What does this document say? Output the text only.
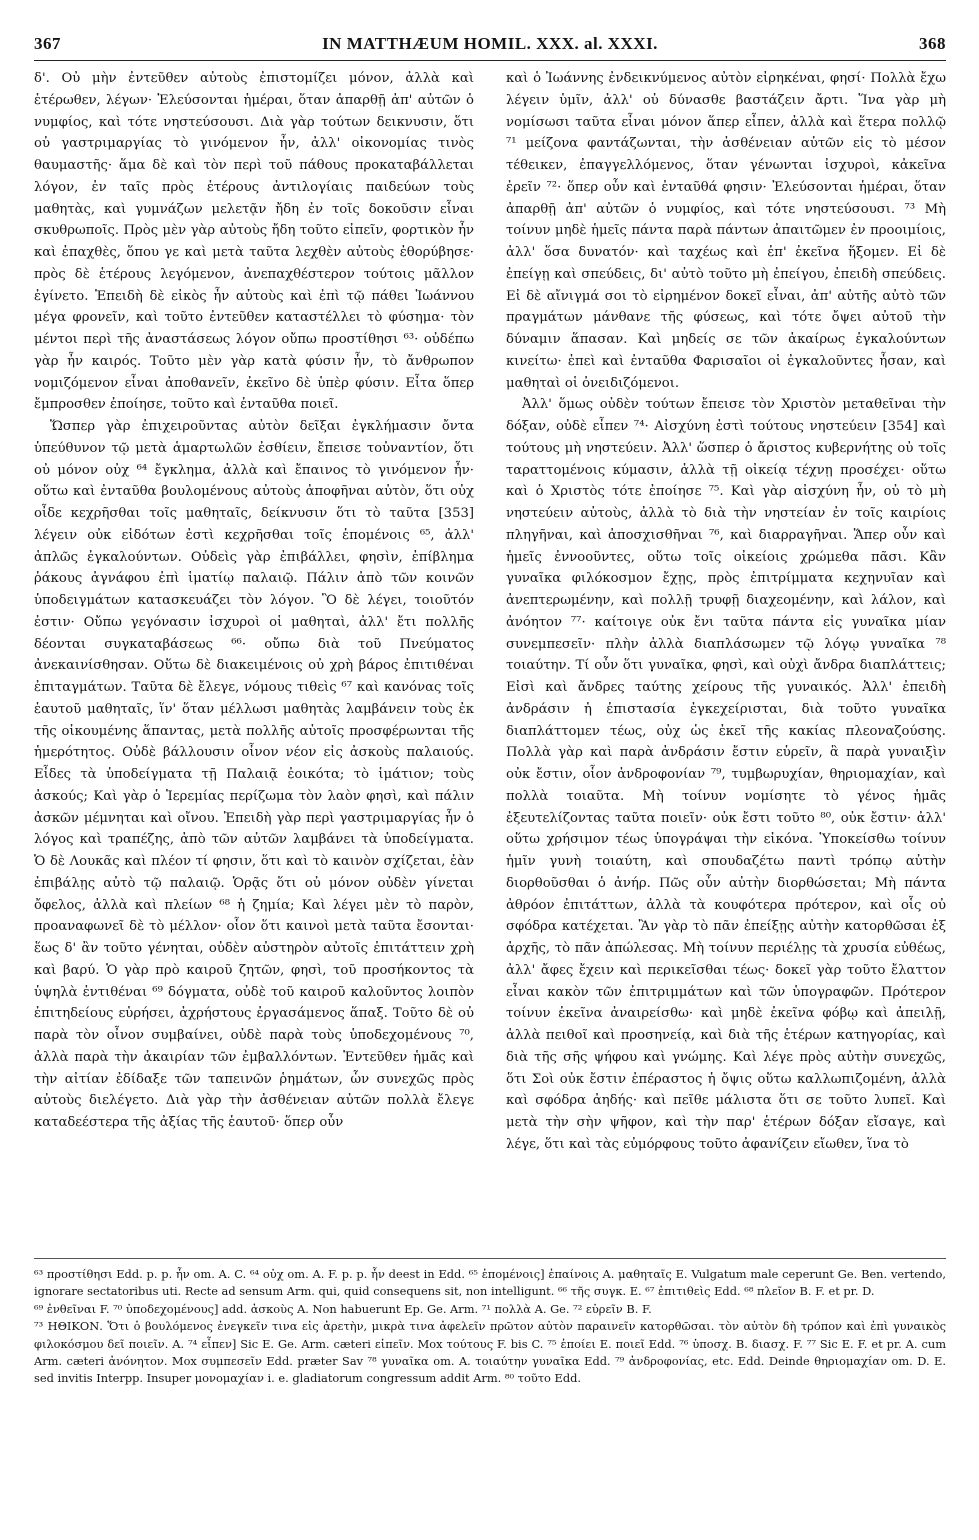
367	IN MATTHÆUM HOMIL. XXX. al. XXXI.	368

δ'. Οὐ μὴν ἐντεῦθεν αὐτοὺς ἐπιστομίζει μόνον, ἀλλὰ καὶ ἑτέρωθεν, λέγων· Ἐλεύσονται ἡμέραι, ὅταν ἀπαρθῇ ἀπ' αὐτῶν ὁ νυμφίος, καὶ τότε νηστεύσουσι. Διὰ γὰρ τούτων δεικνυσιν, ὅτι οὐ γαστριμαργίας τὸ γινόμενον ἦν, ἀλλ' οἰκονομίας τινὸς θαυμαστῆς· ἅμα δὲ καὶ τὸν περὶ τοῦ πάθους προκαταβάλλεται λόγον, ἐν ταῖς πρὸς ἑτέρους ἀντιλογίαις παιδεύων τοὺς μαθητὰς, καὶ γυμνάζων μελετᾷν ἤδη ἐν τοῖς δοκοῦσιν εἶναι σκυθρωποῖς. Πρὸς μὲν γὰρ αὐτοὺς ἤδη τοῦτο εἰπεῖν, φορτικὸν ἦν καὶ ἐπαχθὲς, ὅπου γε καὶ μετὰ ταῦτα λεχθὲν αὐτοὺς ἐθορύβησε· πρὸς δὲ ἑτέρους λεγόμενον, ἀνεπαχθέστερον τούτοις μᾶλλον ἐγίνετο. Ἐπειδὴ δὲ εἰκὸς ἦν αὐτοὺς καὶ ἐπὶ τῷ πάθει Ἰωάννου μέγα φρονεῖν, καὶ τοῦτο ἐντεῦθεν καταστέλλει τὸ φύσημα· τὸν μέντοι περὶ τῆς ἀναστάσεως λόγον οὔπω προστίθησι ⁶³· οὐδέπω γὰρ ἦν καιρός. Τοῦτο μὲν γὰρ κατὰ φύσιν ἦν, τὸ ἄνθρωπον νομιζόμενον εἶναι ἀποθανεῖν, ἐκεῖνο δὲ ὑπὲρ φύσιν. Εἶτα ὅπερ ἔμπροσθεν ἐποίησε, τοῦτο καὶ ἐνταῦθα ποιεῖ.

Ὥσπερ γὰρ ἐπιχειροῦντας αὐτὸν δεῖξαι ἐγκλήμασιν ὄντα ὑπεύθυνον τῷ μετὰ ἁμαρτωλῶν ἐσθίειν, ἔπεισε τοὐναντίον, ὅτι οὐ μόνον οὐχ ⁶⁴ ἔγκλημα, ἀλλὰ καὶ ἔπαινος τὸ γινόμενον ἦν· οὕτω καὶ ἐνταῦθα βουλομένους αὐτοὺς ἀποφῆναι αὐτὸν, ὅτι οὐχ οἶδε κεχρῆσθαι τοῖς μαθηταῖς, δείκνυσιν ὅτι τὸ ταῦτα [353] λέγειν οὐκ εἰδότων ἐστὶ κεχρῆσθαι τοῖς ἑπομένοις ⁶⁵, ἀλλ' ἁπλῶς ἐγκαλούντων. Οὐδεὶς γὰρ ἐπιβάλλει, φησὶν, ἐπίβλημα ῥάκους ἀγνάφου ἐπὶ ἱματίῳ παλαιῷ. Πάλιν ἀπὸ τῶν κοινῶν ὑποδειγμάτων κατασκευάζει τὸν λόγον. Ὃ δὲ λέγει, τοιοῦτόν ἐστιν· Οὔπω γεγόνασιν ἰσχυροὶ οἱ μαθηταὶ, ἀλλ' ἔτι πολλῆς δέονται συγκαταβάσεως ⁶⁶· οὔπω διὰ τοῦ Πνεύματος ἀνεκαινίσθησαν. Οὕτω δὲ διακειμένοις οὐ χρὴ βάρος ἐπιτιθέναι ἐπιταγμάτων. Ταῦτα δὲ ἔλεγε, νόμους τιθεὶς ⁶⁷ καὶ κανόνας τοῖς ἑαυτοῦ μαθηταῖς, ἵν' ὅταν μέλλωσι μαθητὰς λαμβάνειν τοὺς ἐκ τῆς οἰκουμένης ἅπαντας, μετὰ πολλῆς αὐτοῖς προσφέρωνται τῆς ἡμερότητος. Οὐδὲ βάλλουσιν οἶνον νέον εἰς ἀσκοὺς παλαιούς. Εἶδες τὰ ὑποδείγματα τῇ Παλαιᾷ ἐοικότα; τὸ ἱμάτιον; τοὺς ἀσκούς; Καὶ γὰρ ὁ Ἱερεμίας περίζωμα τὸν λαὸν φησὶ, καὶ πάλιν ἀσκῶν μέμνηται καὶ οἴνου. Ἐπειδὴ γὰρ περὶ γαστριμαργίας ἦν ὁ λόγος καὶ τραπέζης, ἀπὸ τῶν αὐτῶν λαμβάνει τὰ ὑποδείγματα. Ὁ δὲ Λουκᾶς καὶ πλέον τί φησιν, ὅτι καὶ τὸ καινὸν σχίζεται, ἐὰν ἐπιβάλῃς αὐτὸ τῷ παλαιῷ. Ὁρᾷς ὅτι οὐ μόνον οὐδὲν γίνεται ὄφελος, ἀλλὰ καὶ πλείων ⁶⁸ ἡ ζημία; Καὶ λέγει μὲν τὸ παρὸν, προαναφωνεῖ δὲ τὸ μέλλον· οἷον ὅτι καινοὶ μετὰ ταῦτα ἔσονται· ἕως δ' ἂν τοῦτο γένηται, οὐδὲν αὐστηρὸν αὐτοῖς ἐπιτάττειν χρὴ καὶ βαρύ. Ὁ γὰρ πρὸ καιροῦ ζητῶν, φησὶ, τοῦ προσήκοντος τὰ ὑψηλὰ ἐντιθέναι ⁶⁹ δόγματα, οὐδὲ τοῦ καιροῦ καλοῦντος λοιπὸν ἐπιτηδείους εὑρήσει, ἀχρήστους ἐργασάμενος ἅπαξ. Τοῦτο δὲ οὐ παρὰ τὸν οἶνον συμβαίνει, οὐδὲ παρὰ τοὺς ὑποδεχομένους ⁷⁰, ἀλλὰ παρὰ τὴν ἀκαιρίαν τῶν ἐμβαλλόντων. Ἐντεῦθεν ἡμᾶς καὶ τὴν αἰτίαν ἐδίδαξε τῶν ταπεινῶν ῥημάτων, ὧν συνεχῶς πρὸς αὐτοὺς διελέγετο. Διὰ γὰρ τὴν ἀσθένειαν αὐτῶν πολλὰ ἔλεγε καταδεέστερα τῆς ἀξίας τῆς ἑαυτοῦ· ὅπερ οὖν

καὶ ὁ Ἰωάννης ἐνδεικνύμενος αὐτὸν εἰρηκέναι, φησί· Πολλὰ ἔχω λέγειν ὑμῖν, ἀλλ' οὐ δύνασθε βαστάζειν ἄρτι. Ἵνα γὰρ μὴ νομίσωσι ταῦτα εἶναι μόνον ἅπερ εἶπεν, ἀλλὰ καὶ ἕτερα πολλῷ ⁷¹ μείζονα φαντάζωνται, τὴν ἀσθένειαν αὐτῶν εἰς τὸ μέσον τέθεικεν, ἐπαγγελλόμενος, ὅταν γένωνται ἰσχυροὶ, κἀκεῖνα ἐρεῖν ⁷²· ὅπερ οὖν καὶ ἐνταῦθά φησιν· Ἐλεύσονται ἡμέραι, ὅταν ἀπαρθῇ ἀπ' αὐτῶν ὁ νυμφίος, καὶ τότε νηστεύσουσι. ⁷³ Μὴ τοίνυν μηδὲ ἡμεῖς πάντα παρὰ πάντων ἀπαιτῶμεν ἐν προοιμίοις, ἀλλ' ὅσα δυνατόν· καὶ ταχέως καὶ ἐπ' ἐκεῖνα ἥξομεν. Εἰ δὲ ἐπείγῃ καὶ σπεύδεις, δι' αὐτὸ τοῦτο μὴ ἐπείγου, ἐπειδὴ σπεύδεις. Εἰ δὲ αἴνιγμά σοι τὸ εἰρημένον δοκεῖ εἶναι, ἀπ' αὐτῆς αὐτὸ τῶν πραγμάτων μάνθανε τῆς φύσεως, καὶ τότε ὄψει αὐτοῦ τὴν δύναμιν ἅπασαν. Καὶ μηδείς σε τῶν ἀκαίρως ἐγκαλούντων κινείτω· ἐπεὶ καὶ ἐνταῦθα Φαρισαῖοι οἱ ἐγκαλοῦντες ἦσαν, καὶ μαθηταὶ οἱ ὀνειδιζόμενοι.

Ἀλλ' ὅμως οὐδὲν τούτων ἔπεισε τὸν Χριστὸν μεταθεῖναι τὴν δόξαν, οὐδὲ εἶπεν ⁷⁴· Αἰσχύνη ἐστὶ τούτους νηστεύειν [354] καὶ τούτους μὴ νηστεύειν. Ἀλλ' ὥσπερ ὁ ἄριστος κυβερνήτης οὐ τοῖς ταραττομένοις κύμασιν, ἀλλὰ τῇ οἰκείᾳ τέχνῃ προσέχει· οὕτω καὶ ὁ Χριστὸς τότε ἐποίησε ⁷⁵. Καὶ γὰρ αἰσχύνη ἦν, οὐ τὸ μὴ νηστεύειν αὐτοὺς, ἀλλὰ τὸ διὰ τὴν νηστείαν ἐν τοῖς καιρίοις πληγῆναι, καὶ ἀποσχισθῆναι ⁷⁶, καὶ διαρραγῆναι. Ἅπερ οὖν καὶ ἡμεῖς ἐννοοῦντες, οὕτω τοῖς οἰκείοις χρώμεθα πᾶσι. Κἂν γυναῖκα φιλόκοσμον ἔχῃς, πρὸς ἐπιτρίμματα κεχηνυῖαν καὶ ἀνεπτερωμένην, καὶ πολλῇ τρυφῇ διαχεομένην, καὶ λάλον, καὶ ἀνόητον ⁷⁷· καίτοιγε οὐκ ἔνι ταῦτα πάντα εἰς γυναῖκα μίαν συνεμπεσεῖν· πλὴν ἀλλὰ διαπλάσωμεν τῷ λόγῳ γυναῖκα ⁷⁸ τοιαύτην. Τί οὖν ὅτι γυναῖκα, φησὶ, καὶ οὐχὶ ἄνδρα διαπλάττεις; Εἰσὶ καὶ ἄνδρες ταύτης χείρους τῆς γυναικός. Ἀλλ' ἐπειδὴ ἀνδράσιν ἡ ἐπιστασία ἐγκεχείρισται, διὰ τοῦτο γυναῖκα διαπλάττομεν τέως, οὐχ ὡς ἐκεῖ τῆς κακίας πλεοναζούσης. Πολλὰ γὰρ καὶ παρὰ ἀνδράσιν ἔστιν εὑρεῖν, ἃ παρὰ γυναιξὶν οὐκ ἔστιν, οἷον ἀνδροφονίαν ⁷⁹, τυμβωρυχίαν, θηριομαχίαν, καὶ πολλὰ τοιαῦτα. Μὴ τοίνυν νομίσητε τὸ γένος ἡμᾶς ἐξευτελίζοντας ταῦτα ποιεῖν· οὐκ ἔστι τοῦτο ⁸⁰, οὐκ ἔστιν· ἀλλ' οὕτω χρήσιμον τέως ὑπογράψαι τὴν εἰκόνα. Ὑποκείσθω τοίνυν ἡμῖν γυνὴ τοιαύτη, καὶ σπουδαζέτω παντὶ τρόπῳ αὐτὴν διορθοῦσθαι ὁ ἀνήρ. Πῶς οὖν αὐτὴν διορθώσεται; Μὴ πάντα ἀθρόον ἐπιτάττων, ἀλλὰ τὰ κουφότερα πρότερον, καὶ οἷς οὐ σφόδρα κατέχεται. Ἂν γὰρ τὸ πᾶν ἐπείξῃς αὐτὴν κατορθῶσαι ἐξ ἀρχῆς, τὸ πᾶν ἀπώλεσας. Μὴ τοίνυν περιέλῃς τὰ χρυσία εὐθέως, ἀλλ' ἄφες ἔχειν καὶ περικεῖσθαι τέως· δοκεῖ γὰρ τοῦτο ἔλαττον εἶναι κακὸν τῶν ἐπιτριμμάτων καὶ τῶν ὑπογραφῶν. Πρότερον τοίνυν ἐκεῖνα ἀναιρείσθω· καὶ μηδὲ ἐκεῖνα φόβῳ καὶ ἀπειλῇ, ἀλλὰ πειθοῖ καὶ προσηνείᾳ, καὶ διὰ τῆς ἑτέρων κατηγορίας, καὶ διὰ τῆς σῆς ψήφου καὶ γνώμης. Καὶ λέγε πρὸς αὐτὴν συνεχῶς, ὅτι Σοὶ οὐκ ἔστιν ἐπέραστος ἡ ὄψις οὕτω καλλωπιζομένη, ἀλλὰ καὶ σφόδρα ἀηδής· καὶ πεῖθε μάλιστα ὅτι σε τοῦτο λυπεῖ. Καὶ μετὰ τὴν σὴν ψῆφον, καὶ τὴν παρ' ἑτέρων δόξαν εἴσαγε, καὶ λέγε, ὅτι καὶ τὰς εὐμόρφους τοῦτο ἀφανίζειν εἴωθεν, ἵνα τὸ

⁶³ προστίθησι Edd. p. p. ἦν om. A. C. ⁶⁴ οὐχ om. A. F. p. p. ἦν deest in Edd. ⁶⁵ ἑπομένοις] ἐπαίνοις A. μαθηταῖς E. Vulgatum male ceperunt Ge. Ben. vertendo, ignorare sectatoribus uti. Recte ad sensum Arm. qui, quid consequens sit, non intelligunt. ⁶⁶ τῆς συγκ. E. ⁶⁷ ἐπιτιθεὶς Edd. ⁶⁸ πλεῖον B. F. et pr. D.

⁶⁹ ἐνθεῖναι F. ⁷⁰ ὑποδεχομένους] add. ἀσκοὺς A. Non habuerunt Ep. Ge. Arm. ⁷¹ πολλὰ A. Ge. ⁷² εὑρεῖν B. F.

⁷³ ΗΘΙΚΟΝ. Ὅτι ὁ βουλόμενος ἐνεγκεῖν τινα εἰς ἀρετὴν, μικρὰ τινα ἀφελεῖν πρῶτον αὐτὸν παραινεῖν κατορθῶσαι. τὸν αὐτὸν δὴ τρόπον καὶ ἐπὶ γυναικὸς φιλοκόσμου δεῖ ποιεῖν. A. ⁷⁴ εἶπεν] Sic E. Ge. Arm. cæteri εἰπεῖν. Mox τούτους F. bis C. ⁷⁵ ἐποίει E. ποιεῖ Edd. ⁷⁶ ὑποσχ. B. διασχ. F. ⁷⁷ Sic E. F. et pr. A. cum Arm. cæteri ἀνόνητον. Mox συμπεσεῖν Edd. præter Sav ⁷⁸ γυναῖκα om. A. τοιαύτην γυναῖκα Edd. ⁷⁹ ἀνδροφονίας, etc. Edd. Deinde θηριομαχίαν om. D. E. sed invitis Interpp. Insuper μονομαχίαν i. e. gladiatorum congressum addit Arm. ⁸⁰ τοῦτο Edd.
